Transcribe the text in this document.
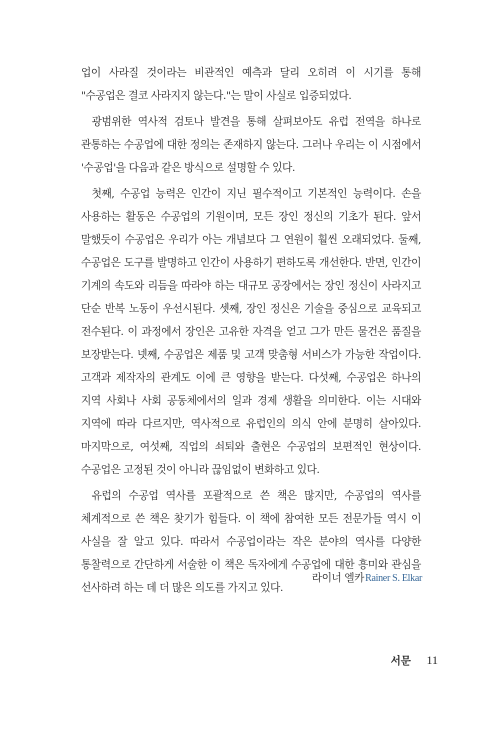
업이 사라질 것이라는 비관적인 예측과 달리 오히려 이 시기를 통해 "수공업은 결코 사라지지 않는다."는 말이 사실로 입증되었다.

광범위한 역사적 검토나 발견을 통해 살펴보아도 유럽 전역을 하나로 관통하는 수공업에 대한 정의는 존재하지 않는다. 그러나 우리는 이 시점에서 '수공업'을 다음과 같은 방식으로 설명할 수 있다.

첫째, 수공업 능력은 인간이 지닌 필수적이고 기본적인 능력이다. 손을 사용하는 활동은 수공업의 기원이며, 모든 장인 정신의 기초가 된다. 앞서 말했듯이 수공업은 우리가 아는 개념보다 그 연원이 훨씬 오래되었다. 둘째, 수공업은 도구를 발명하고 인간이 사용하기 편하도록 개선한다. 반면, 인간이 기계의 속도와 리듬을 따라야 하는 대규모 공장에서는 장인 정신이 사라지고 단순 반복 노동이 우선시된다. 셋째, 장인 정신은 기술을 중심으로 교육되고 전수된다. 이 과정에서 장인은 고유한 자격을 얻고 그가 만든 물건은 품질을 보장받는다. 넷째, 수공업은 제품 및 고객 맞춤형 서비스가 가능한 작업이다. 고객과 제작자의 관계도 이에 큰 영향을 받는다. 다섯째, 수공업은 하나의 지역 사회나 사회 공동체에서의 일과 경제 생활을 의미한다. 이는 시대와 지역에 따라 다르지만, 역사적으로 유럽인의 의식 안에 분명히 살아있다. 마지막으로, 여섯째, 직업의 쇠퇴와 출현은 수공업의 보편적인 현상이다. 수공업은 고정된 것이 아니라 끊임없이 변화하고 있다.

유럽의 수공업 역사를 포괄적으로 쓴 책은 많지만, 수공업의 역사를 체계적으로 쓴 책은 찾기가 힘들다. 이 책에 참여한 모든 전문가들 역시 이 사실을 잘 알고 있다. 따라서 수공업이라는 작은 분야의 역사를 다양한 통찰력으로 간단하게 서술한 이 책은 독자에게 수공업에 대한 흥미와 관심을 선사하려 하는 데 더 많은 의도를 가지고 있다.

라이너 엘카Rainer S. Elkar
서문 11
